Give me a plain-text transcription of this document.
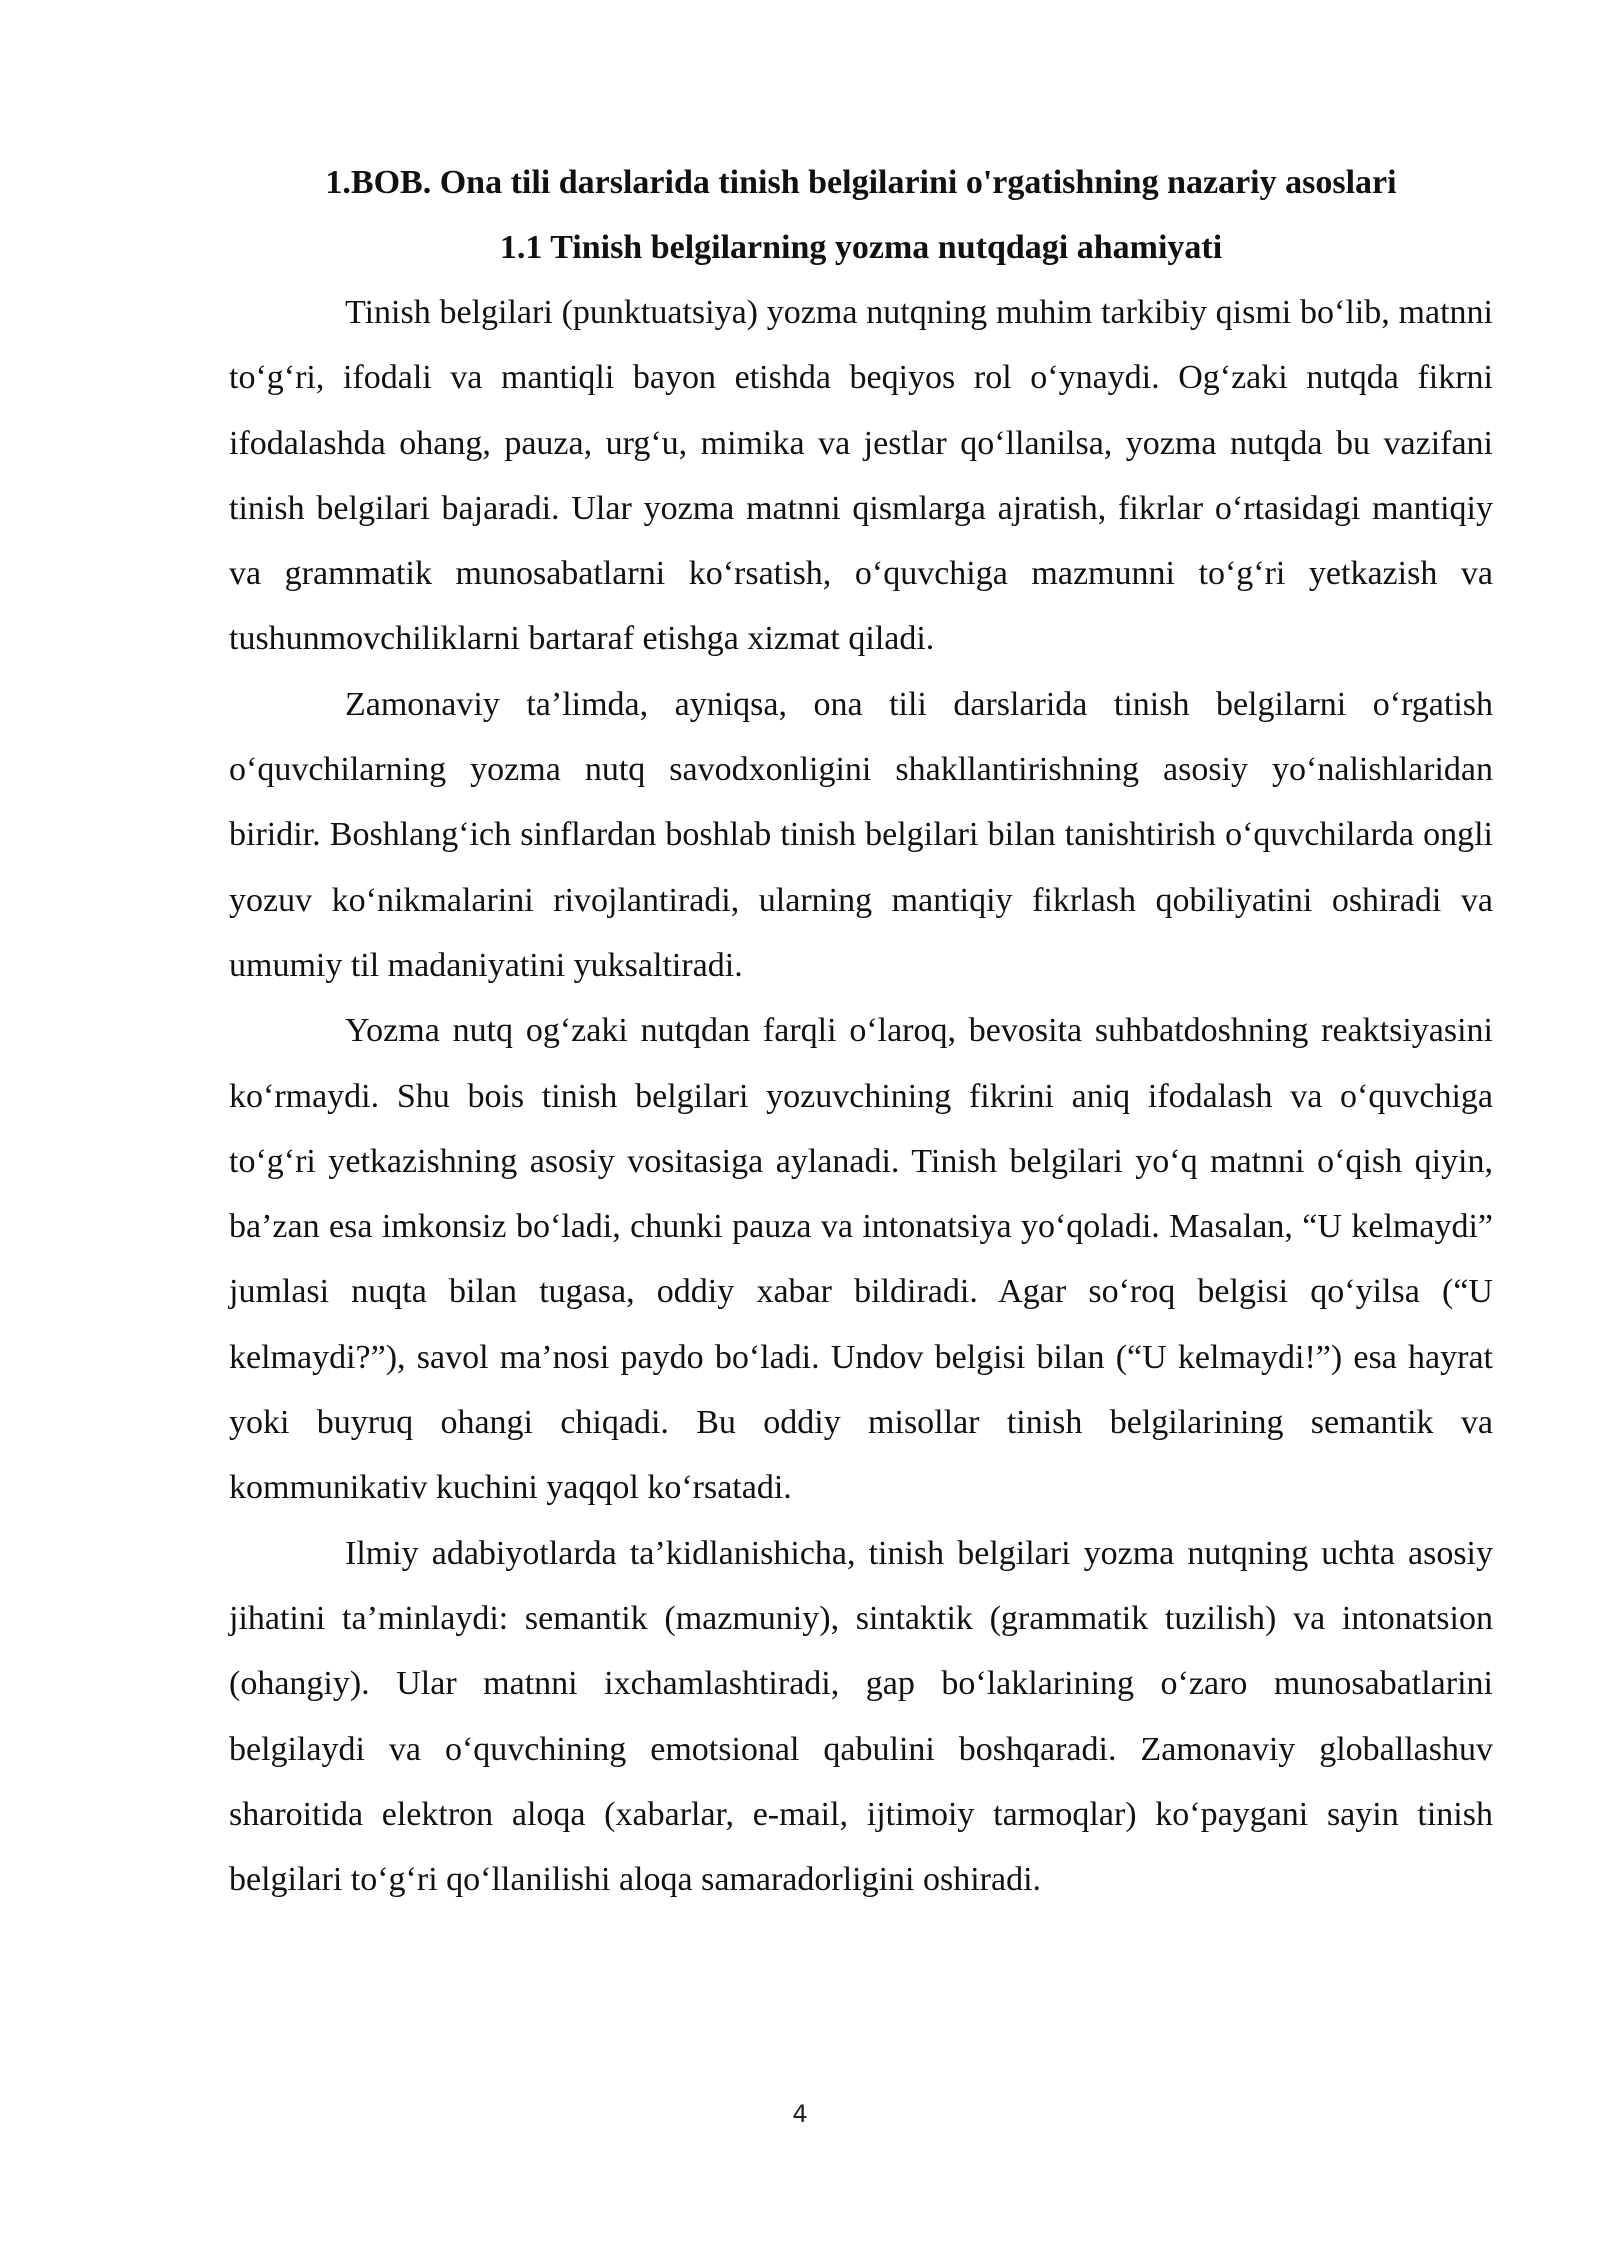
1.BOB. Ona tili darslarida tinish belgilarini o'rgatishning nazariy asoslari
1.1 Tinish belgilarning yozma nutqdagi ahamiyati

Tinish belgilari (punktuatsiya) yozma nutqning muhim tarkibiy qismi bo‘lib, matnni to‘g‘ri, ifodali va mantiqli bayon etishda beqiyos rol o‘ynaydi. Og‘zaki nutqda fikrni ifodalashda ohang, pauza, urg‘u, mimika va jestlar qo‘llanilsa, yozma nutqda bu vazifani tinish belgilari bajaradi. Ular yozma matnni qismlarga ajratish, fikrlar o‘rtasidagi mantiqiy va grammatik munosabatlarni ko‘rsatish, o‘quvchiga mazmunni to‘g‘ri yetkazish va tushunmovchiliklarni bartaraf etishga xizmat qiladi.

Zamonaviy ta’limda, ayniqsa, ona tili darslarida tinish belgilarni o‘rgatish o‘quvchilarning yozma nutq savodxonligini shakllantirishning asosiy yo‘nalishlaridan biridir. Boshlang‘ich sinflardan boshlab tinish belgilari bilan tanishtirish o‘quvchilarda ongli yozuv ko‘nikmalarini rivojlantiradi, ularning mantiqiy fikrlash qobiliyatini oshiradi va umumiy til madaniyatini yuksaltiradi.

Yozma nutq og‘zaki nutqdan farqli o‘laroq, bevosita suhbatdoshning reaktsiyasini ko‘rmaydi. Shu bois tinish belgilari yozuvchining fikrini aniq ifodalash va o‘quvchiga to‘g‘ri yetkazishning asosiy vositasiga aylanadi. Tinish belgilari yo‘q matnni o‘qish qiyin, ba’zan esa imkonsiz bo‘ladi, chunki pauza va intonatsiya yo‘qoladi. Masalan, “U kelmaydi” jumlasi nuqta bilan tugasa, oddiy xabar bildiradi. Agar so‘roq belgisi qo‘yilsa (“U kelmaydi?”), savol ma’nosi paydo bo‘ladi. Undov belgisi bilan (“U kelmaydi!”) esa hayrat yoki buyruq ohangi chiqadi. Bu oddiy misollar tinish belgilarining semantik va kommunikativ kuchini yaqqol ko‘rsatadi.

Ilmiy adabiyotlarda ta’kidlanishicha, tinish belgilari yozma nutqning uchta asosiy jihatini ta’minlaydi: semantik (mazmuniy), sintaktik (grammatik tuzilish) va intonatsion (ohangiy). Ular matnni ixchamlashtiradi, gap bo‘laklarining o‘zaro munosabatlarini belgilaydi va o‘quvchining emotsional qabulini boshqaradi. Zamonaviy globallashuv sharoitida elektron aloqa (xabarlar, e-mail, ijtimoiy tarmoqlar) ko‘paygani sayin tinish belgilari to‘g‘ri qo‘llanilishi aloqa samaradorligini oshiradi.

4
